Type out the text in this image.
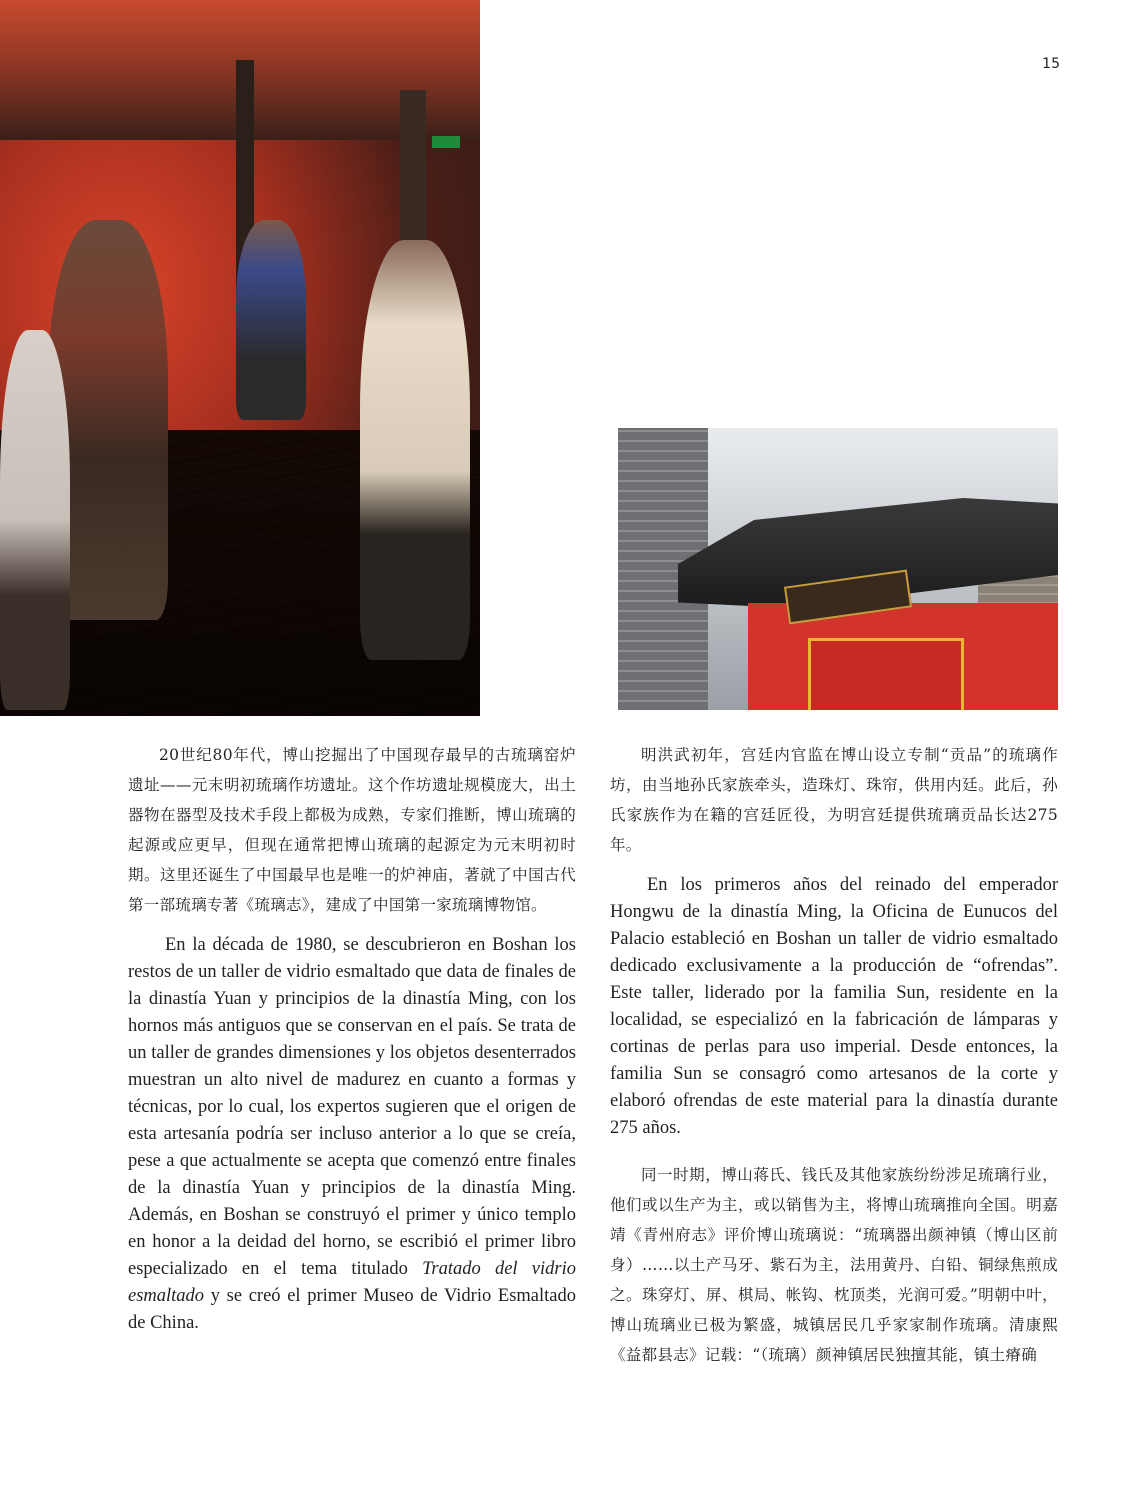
15

20世纪80年代，博山挖掘出了中国现存最早的古琉璃窑炉遗址——元末明初琉璃作坊遗址。这个作坊遗址规模庞大，出土器物在器型及技术手段上都极为成熟，专家们推断，博山琉璃的起源或应更早，但现在通常把博山琉璃的起源定为元末明初时期。这里还诞生了中国最早也是唯一的炉神庙，著就了中国古代第一部琉璃专著《琉璃志》，建成了中国第一家琉璃博物馆。

En la década de 1980, se descubrieron en Boshan los restos de un taller de vidrio esmaltado que data de finales de la dinastía Yuan y principios de la dinastía Ming, con los hornos más antiguos que se conservan en el país. Se trata de un taller de grandes dimensiones y los objetos desenterrados muestran un alto nivel de madurez en cuanto a formas y técnicas, por lo cual, los expertos sugieren que el origen de esta artesanía podría ser incluso anterior a lo que se creía, pese a que actualmente se acepta que comenzó entre finales de la dinastía Yuan y principios de la dinastía Ming. Además, en Boshan se construyó el primer y único templo en honor a la deidad del horno, se escribió el primer libro especializado en el tema titulado Tratado del vidrio esmaltado y se creó el primer Museo de Vidrio Esmaltado de China.

明洪武初年，宫廷内官监在博山设立专制“贡品”的琉璃作坊，由当地孙氏家族牵头，造珠灯、珠帘，供用内廷。此后，孙氏家族作为在籍的宫廷匠役，为明宫廷提供琉璃贡品长达275年。

En los primeros años del reinado del emperador Hongwu de la dinastía Ming, la Oficina de Eunucos del Palacio estableció en Boshan un taller de vidrio esmaltado dedicado exclusivamente a la producción de “ofrendas”. Este taller, liderado por la familia Sun, residente en la localidad, se especializó en la fabricación de lámparas y cortinas de perlas para uso imperial. Desde entonces, la familia Sun se consagró como artesanos de la corte y elaboró ofrendas de este material para la dinastía durante 275 años.

同一时期，博山蒋氏、钱氏及其他家族纷纷涉足琉璃行业，他们或以生产为主，或以销售为主，将博山琉璃推向全国。明嘉靖《青州府志》评价博山琉璃说：“琉璃器出颜神镇（博山区前身）……以土产马牙、紫石为主，法用黄丹、白铅、铜绿焦煎成之。珠穿灯、屏、棋局、帐钩、枕顶类，光润可爱。”明朝中叶，博山琉璃业已极为繁盛，城镇居民几乎家家制作琉璃。清康熙《益都县志》记载：“（琉璃）颜神镇居民独擅其能，镇土瘠确
